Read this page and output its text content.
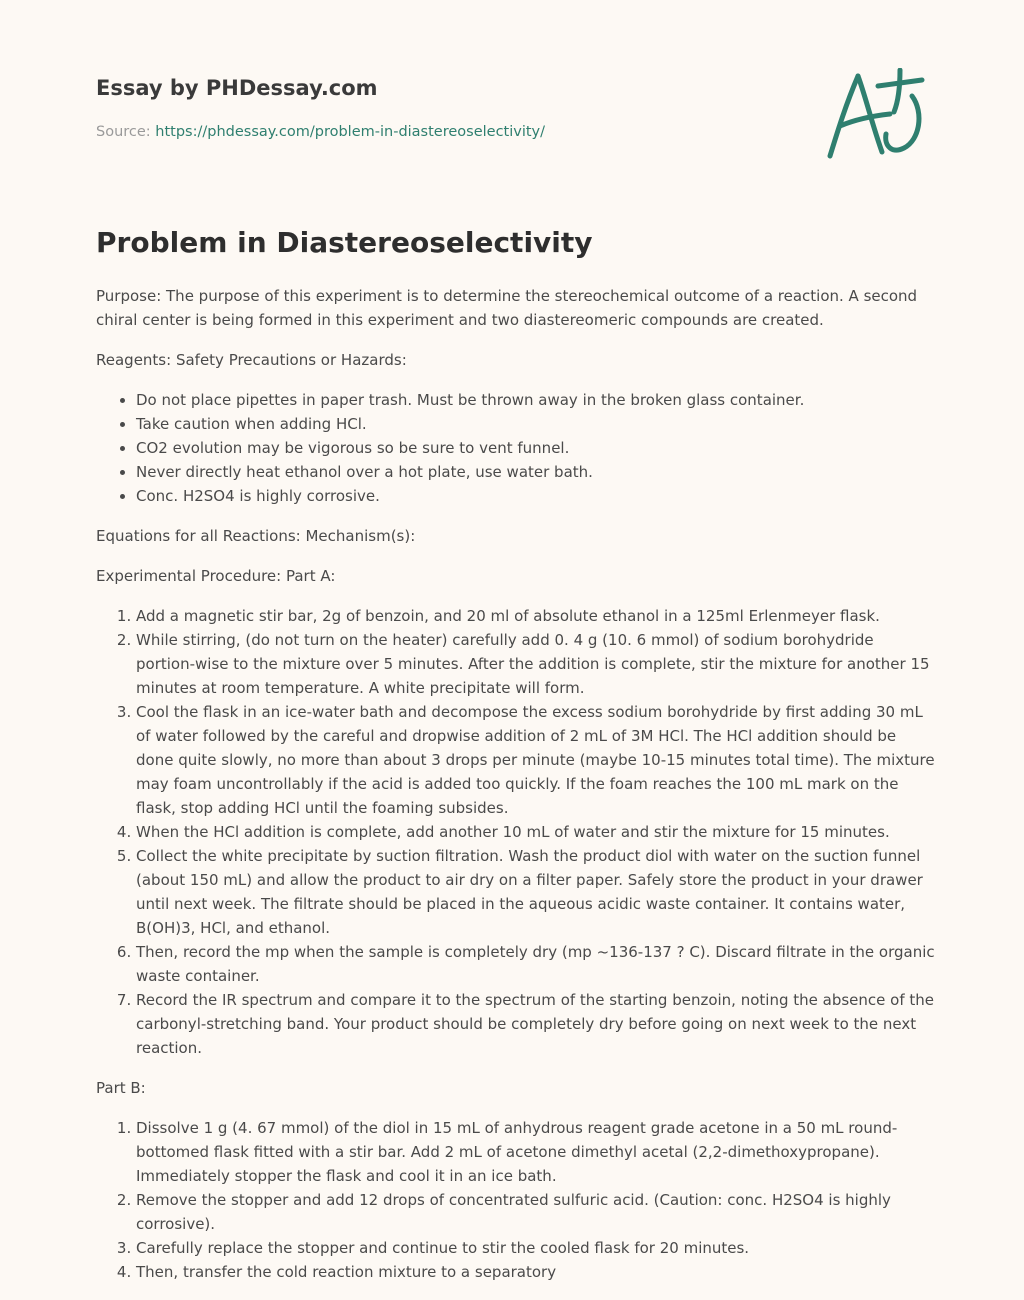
Essay by PHDessay.com
Source: https://phdessay.com/problem-in-diastereoselectivity/
Problem in Diastereoselectivity

Purpose: The purpose of this experiment is to determine the stereochemical outcome of a reaction. A second chiral center is being formed in this experiment and two diastereomeric compounds are created.

Reagents: Safety Precautions or Hazards:

• Do not place pipettes in paper trash. Must be thrown away in the broken glass container.
• Take caution when adding HCl.
• CO2 evolution may be vigorous so be sure to vent funnel.
• Never directly heat ethanol over a hot plate, use water bath.
• Conc. H2SO4 is highly corrosive.

Equations for all Reactions: Mechanism(s):

Experimental Procedure: Part A:

1. Add a magnetic stir bar, 2g of benzoin, and 20 ml of absolute ethanol in a 125ml Erlenmeyer flask.
2. While stirring, (do not turn on the heater) carefully add 0. 4 g (10. 6 mmol) of sodium borohydride portion-wise to the mixture over 5 minutes. After the addition is complete, stir the mixture for another 15 minutes at room temperature. A white precipitate will form.
3. Cool the flask in an ice-water bath and decompose the excess sodium borohydride by first adding 30 mL of water followed by the careful and dropwise addition of 2 mL of 3M HCl. The HCl addition should be done quite slowly, no more than about 3 drops per minute (maybe 10-15 minutes total time). The mixture may foam uncontrollably if the acid is added too quickly. If the foam reaches the 100 mL mark on the flask, stop adding HCl until the foaming subsides.
4. When the HCl addition is complete, add another 10 mL of water and stir the mixture for 15 minutes.
5. Collect the white precipitate by suction filtration. Wash the product diol with water on the suction funnel (about 150 mL) and allow the product to air dry on a filter paper. Safely store the product in your drawer until next week. The filtrate should be placed in the aqueous acidic waste container. It contains water, B(OH)3, HCl, and ethanol.
6. Then, record the mp when the sample is completely dry (mp ~136-137 ? C). Discard filtrate in the organic waste container.
7. Record the IR spectrum and compare it to the spectrum of the starting benzoin, noting the absence of the carbonyl-stretching band. Your product should be completely dry before going on next week to the next reaction.

Part B:

1. Dissolve 1 g (4. 67 mmol) of the diol in 15 mL of anhydrous reagent grade acetone in a 50 mL round-bottomed flask fitted with a stir bar. Add 2 mL of acetone dimethyl acetal (2,2-dimethoxypropane). Immediately stopper the flask and cool it in an ice bath.
2. Remove the stopper and add 12 drops of concentrated sulfuric acid. (Caution: conc. H2SO4 is highly corrosive).
3. Carefully replace the stopper and continue to stir the cooled flask for 20 minutes.
4. Then, transfer the cold reaction mixture to a separatory
